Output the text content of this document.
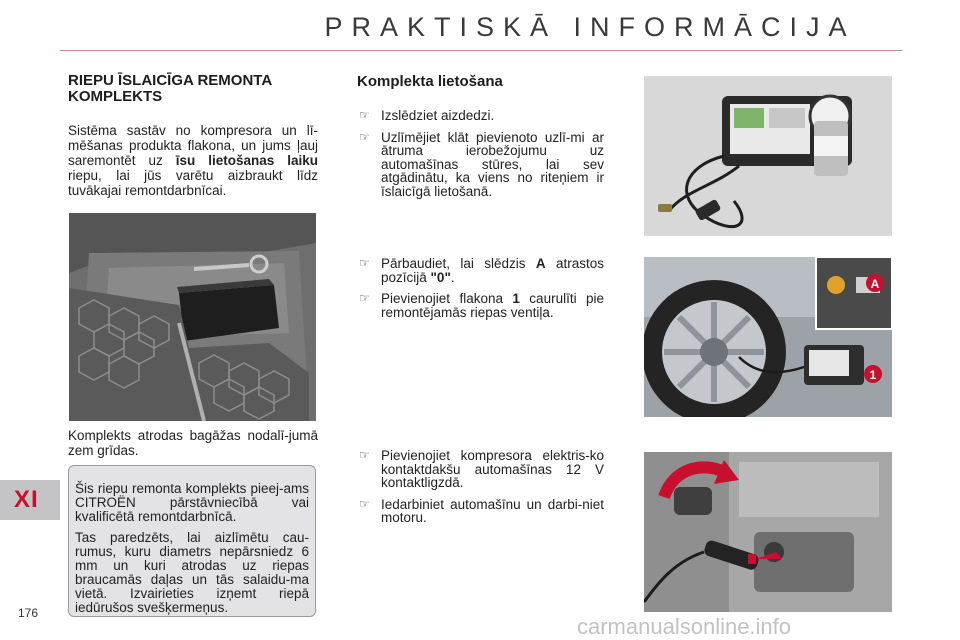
PRAKTISKĀ INFORMĀCIJA
RIEPU ĪSLAICĪGA REMONTA KOMPLEKTS

Sistēma sastāv no kompresora un lī-mēšanas produkta flakona, un jums ļauj saremontēt uz īsu lietošanas laiku riepu, lai jūs varētu aizbraukt līdz tuvākajai remontdarbnīcai.

Komplekts atrodas bagāžas nodalī-jumā zem grīdas.

Šis riepu remonta komplekts pieej-ams CITROËN pārstāvniecībā vai kvalificētā remontdarbnīcā.

Tas paredzēts, lai aizlīmētu cau-rumus, kuru diametrs nepārsniedz 6 mm un kuri atrodas uz riepas braucamās daļas un tās salaidu-ma vietā. Izvairieties izņemt riepā iedūrušos svešķermeņus.

Komplekta lietošana
☞ Izslēdziet aizdedzi.
☞ Uzlīmējiet klāt pievienoto uzlī-mi ar ātruma ierobežojumu uz automašīnas stūres, lai sev atgādinātu, ka viens no riteņiem ir īslaicīgā lietošanā.
☞ Pārbaudiet, lai slēdzis A atrastos pozīcijā "0".
☞ Pievienojiet flakona 1 caurulīti pie remontējamās riepas ventiļa.
☞ Pievienojiet kompresora elektris-ko kontaktdakšu automašīnas 12 V kontaktligzdā.
☞ Iedarbiniet automašīnu un darbi-niet motoru.
A
1
XI
176
carmanualsonline.info
